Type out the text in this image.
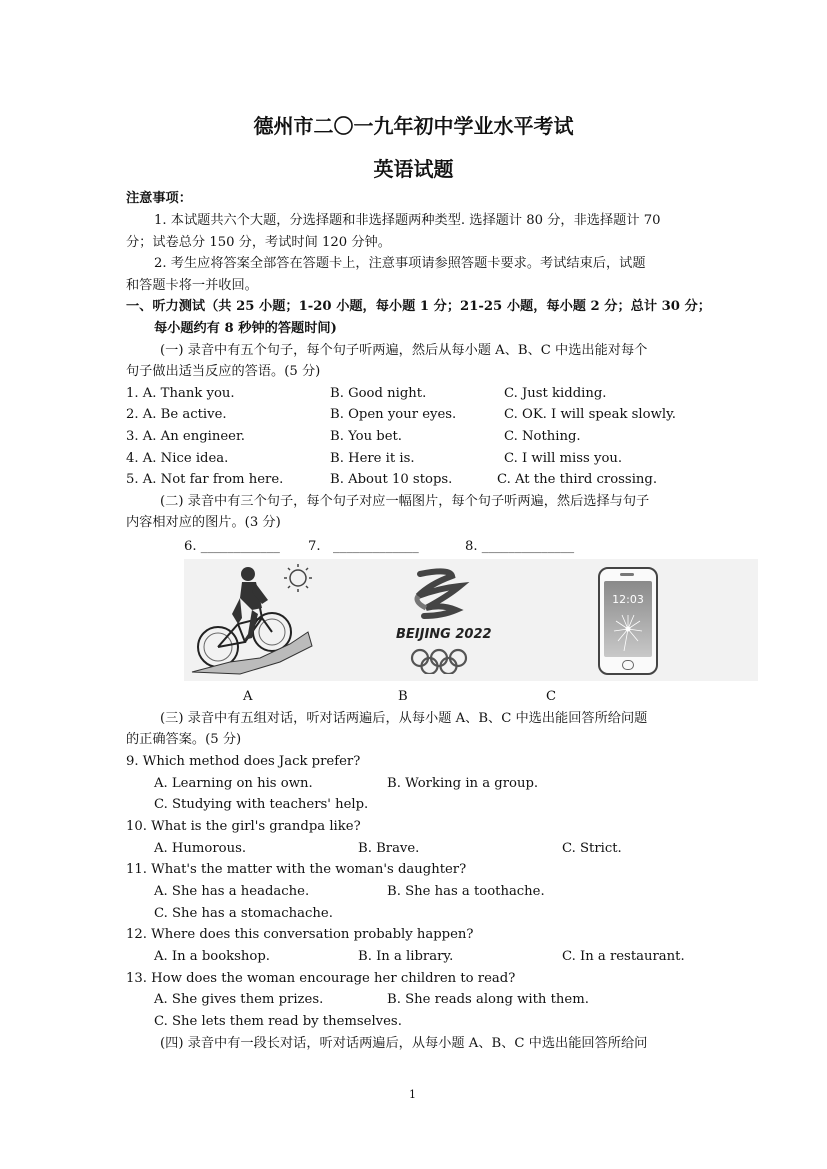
德州市二〇一九年初中学业水平考试
英语试题
注意事项：
1. 本试题共六个大题，分选择题和非选择题两种类型. 选择题计 80 分，非选择题计 70
分；试卷总分 150 分，考试时间 120 分钟。
2. 考生应将答案全部答在答题卡上，注意事项请参照答题卡要求。考试结束后，试题
和答题卡将一并收回。
一、听力测试（共 25 小题；1-20 小题，每小题 1 分；21-25 小题，每小题 2 分；总计 30 分；
每小题约有 8 秒钟的答题时间)
(一) 录音中有五个句子，每个句子听两遍，然后从每小题 A、B、C 中选出能对每个
句子做出适当反应的答语。(5 分)
1. A. Thank you.	B. Good night.	C. Just kidding.
2. A. Be active.	B. Open your eyes.	C. OK. I will speak slowly.
3. A. An engineer.	B. You bet.	C. Nothing.
4. A. Nice idea.	B. Here it is.	C. I will miss you.
5. A. Not far from here.	B. About 10 stops.	C. At the third crossing.
(二) 录音中有三个句子，每个句子对应一幅图片，每个句子听两遍，然后选择与句子
内容相对应的图片。(3 分)
6. ____________ 7. _____________	8. ______________
BEIJING 2022
12:03
A	B	C
(三) 录音中有五组对话，听对话两遍后，从每小题 A、B、C 中选出能回答所给问题
的正确答案。(5 分)
9. Which method does Jack prefer?
A. Learning on his own.	B. Working in a group.
C. Studying with teachers' help.
10. What is the girl's grandpa like?
A. Humorous.	B. Brave.	C. Strict.
11. What's the matter with the woman's daughter?
A. She has a headache.	B. She has a toothache.
C. She has a stomachache.
12. Where does this conversation probably happen?
A. In a bookshop.	B. In a library.	C. In a restaurant.
13. How does the woman encourage her children to read?
A. She gives them prizes.	B. She reads along with them.
C. She lets them read by themselves.
(四) 录音中有一段长对话，听对话两遍后，从每小题 A、B、C 中选出能回答所给问
1
